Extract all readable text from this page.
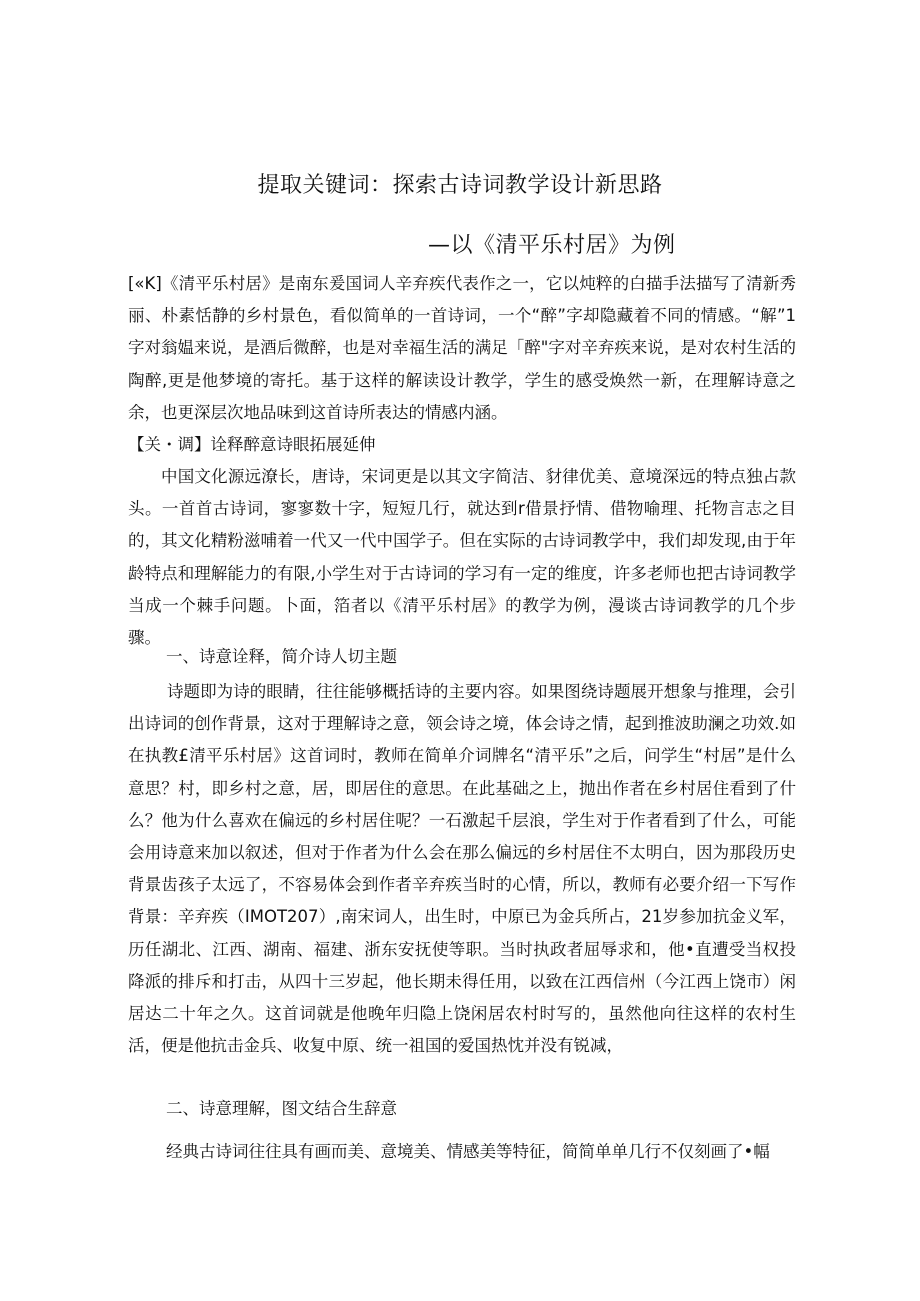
提取关键词：探索古诗词教学设计新思路
—以《清平乐村居》为例

[«K]《清平乐村居》是南东爰国词人辛弃疾代表作之一，它以炖粹的白描手法描写了清新秀丽、朴素恬静的乡村景色，看似简单的一首诗词，一个“醉”字却隐藏着不同的情感。“解”1字对翁媪来说，是酒后微醉，也是对幸福生活的满足「醉"字对辛弃疾来说，是对农村生活的陶醉,更是他梦境的寄托。基于这样的解读设计教学，学生的感受焕然一新，在理解诗意之余，也更深层次地品味到这首诗所表达的情感内涵。

【关・调】诠释醉意诗眼拓展延伸

中国文化源远潦长，唐诗，宋词更是以其文字简洁、豺律优美、意境深远的特点独占款头。一首首古诗词，寥寥数十字，短短几行，就达到r借景抒情、借物喻理、托物言志之目的，其文化精粉滋哺着一代又一代中国学子。但在实际的古诗词教学中，我们却发现,由于年龄特点和理解能力的有限,小学生对于古诗词的学习有一定的维度，许多老师也把古诗词教学当成一个棘手问题。卜面，箔者以《清平乐村居》的教学为例，漫谈古诗词教学的几个步骤。

一、诗意诠释，简介诗人切主题

诗题即为诗的眼睛，往往能够概括诗的主要内容。如果图绕诗题展开想象与推理，会引出诗词的创作背景，这对于理解诗之意，领会诗之境，体会诗之情，起到推波助澜之功效.如在执教£清平乐村居》这首词时，教师在简单介词牌名“清平乐”之后，问学生“村居”是什么意思？村，即乡村之意，居，即居住的意思。在此基础之上，抛出作者在乡村居住看到了什么？他为什么喜欢在偏远的乡村居住呢？一石激起千层浪，学生对于作者看到了什么，可能会用诗意来加以叙述，但对于作者为什么会在那么偏远的乡村居住不太明白，因为那段历史背景齿孩子太远了，不容易体会到作者辛弃疾当时的心情，所以，教师有必要介绍一下写作背景：辛弃疾（IMOT207）,南宋词人，出生时，中原已为金兵所占，21岁参加抗金义军，历任湖北、江西、湖南、福建、浙东安抚使等职。当时执政者屈辱求和，他•直遭受当权投降派的排斥和打击，从四十三岁起，他长期未得任用，以致在江西信州（今江西上饶市）闲居达二十年之久。这首词就是他晚年归隐上饶闲居农村时写的，虽然他向往这样的农村生活，便是他抗击金兵、收复中原、统一祖国的爱国热忱并没有锐减，

二、诗意理解，图文结合生辞意

经典古诗词往往具有画而美、意境美、情感美等特征，简简单单几行不仅刻画了•幅
